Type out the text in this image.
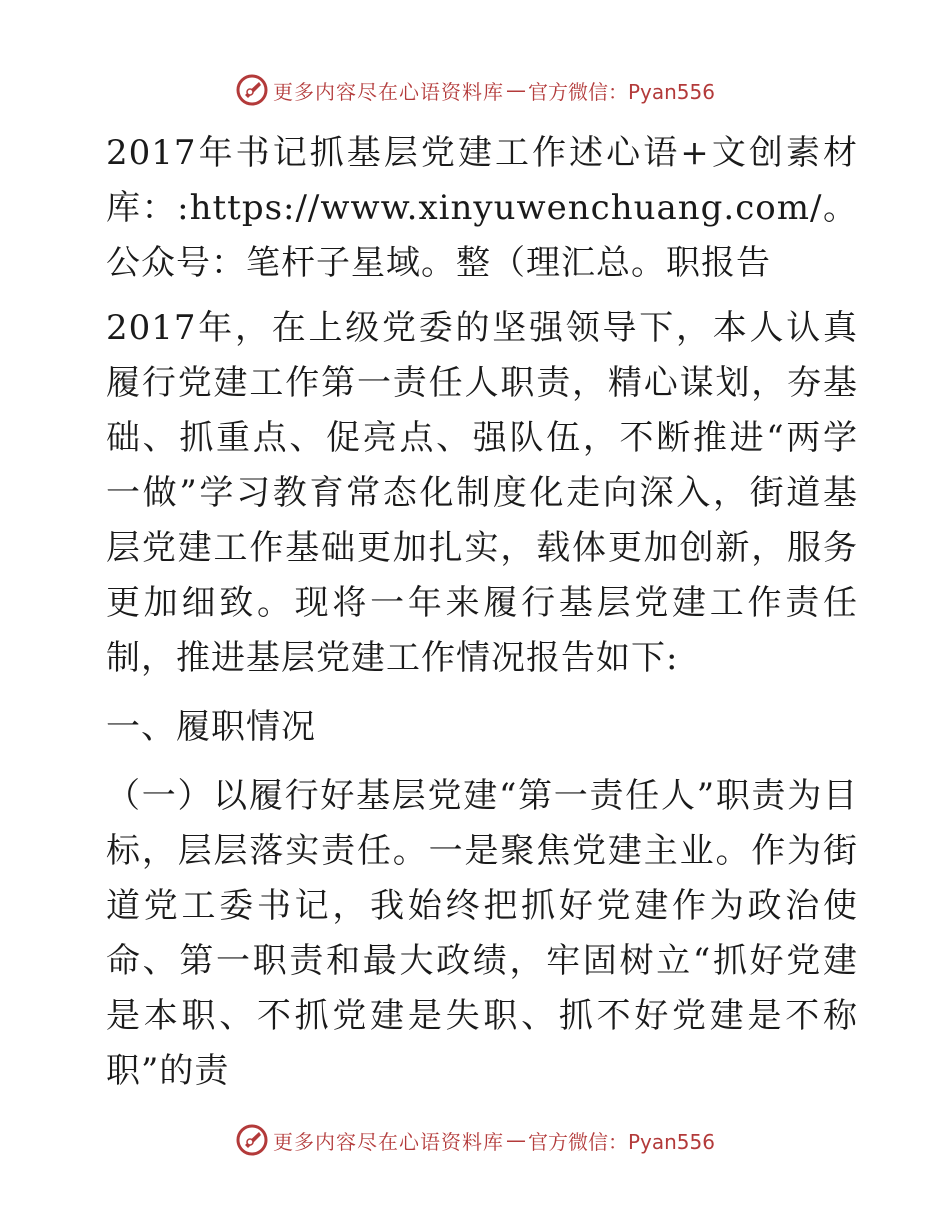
更多内容尽在心语资料库 — 官方微信：Pyan556

2017年书记抓基层党建工作述心语+文创素材库：:https://www.xinyuwenchuang.com/。公众号：笔杆子星域。整（理汇总。职报告

2017年，在上级党委的坚强领导下，本人认真履行党建工作第一责任人职责，精心谋划，夯基础、抓重点、促亮点、强队伍，不断推进“两学一做”学习教育常态化制度化走向深入，街道基层党建工作基础更加扎实，载体更加创新，服务更加细致。现将一年来履行基层党建工作责任制，推进基层党建工作情况报告如下:

一、履职情况

（一）以履行好基层党建“第一责任人”职责为目标，层层落实责任。一是聚焦党建主业。作为街道党工委书记，我始终把抓好党建作为政治使命、第一职责和最大政绩，牢固树立“抓好党建是本职、不抓党建是失职、抓不好党建是不称职”的责

更多内容尽在心语资料库 — 官方微信：Pyan556
